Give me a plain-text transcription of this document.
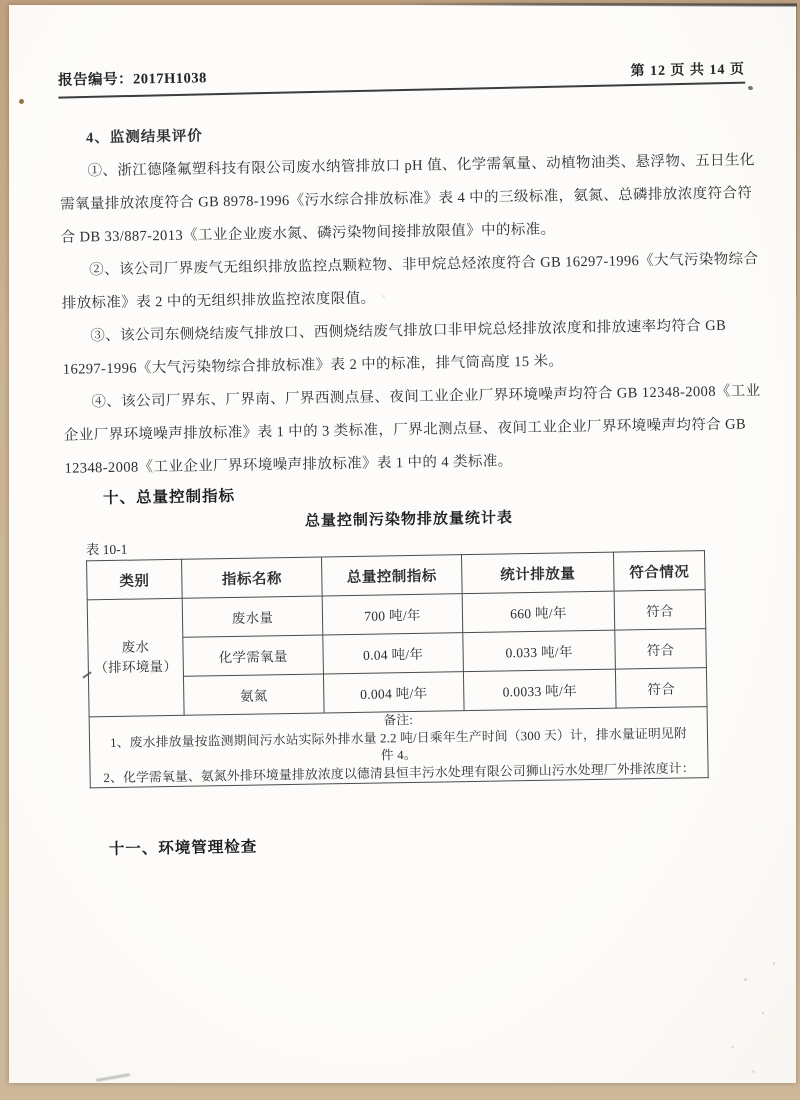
报告编号：2017H1038	第 12 页 共 14 页
4、监测结果评价
①、浙江德隆氟塑科技有限公司废水纳管排放口 pH 值、化学需氧量、动植物油类、悬浮物、五日生化
需氧量排放浓度符合 GB 8978-1996《污水综合排放标准》表 4 中的三级标准，氨氮、总磷排放浓度符合符
合 DB 33/887-2013《工业企业废水氮、磷污染物间接排放限值》中的标准。
②、该公司厂界废气无组织排放监控点颗粒物、非甲烷总烃浓度符合 GB 16297-1996《大气污染物综合
排放标准》表 2 中的无组织排放监控浓度限值。
③、该公司东侧烧结废气排放口、西侧烧结废气排放口非甲烷总烃排放浓度和排放速率均符合 GB
16297-1996《大气污染物综合排放标准》表 2 中的标准，排气筒高度 15 米。
④、该公司厂界东、厂界南、厂界西测点昼、夜间工业企业厂界环境噪声均符合 GB 12348-2008《工业
企业厂界环境噪声排放标准》表 1 中的 3 类标准，厂界北测点昼、夜间工业企业厂界环境噪声均符合 GB
12348-2008《工业企业厂界环境噪声排放标准》表 1 中的 4 类标准。
十、总量控制指标
总量控制污染物排放量统计表
表 10-1
类别	指标名称	总量控制指标	统计排放量	符合情况

废水
（排环境量）	废水量	700 吨/年	660 吨/年	符合
	化学需氧量	0.04 吨/年	0.033 吨/年	符合
	氨氮	0.004 吨/年	0.0033 吨/年	符合

备注:
1、废水排放量按监测期间污水站实际外排水量 2.2 吨/日乘年生产时间（300 天）计，排水量证明见附
件 4。
2、化学需氧量、氨氮外排环境量排放浓度以德清县恒丰污水处理有限公司狮山污水处理厂外排浓度计：				
十一、环境管理检查
